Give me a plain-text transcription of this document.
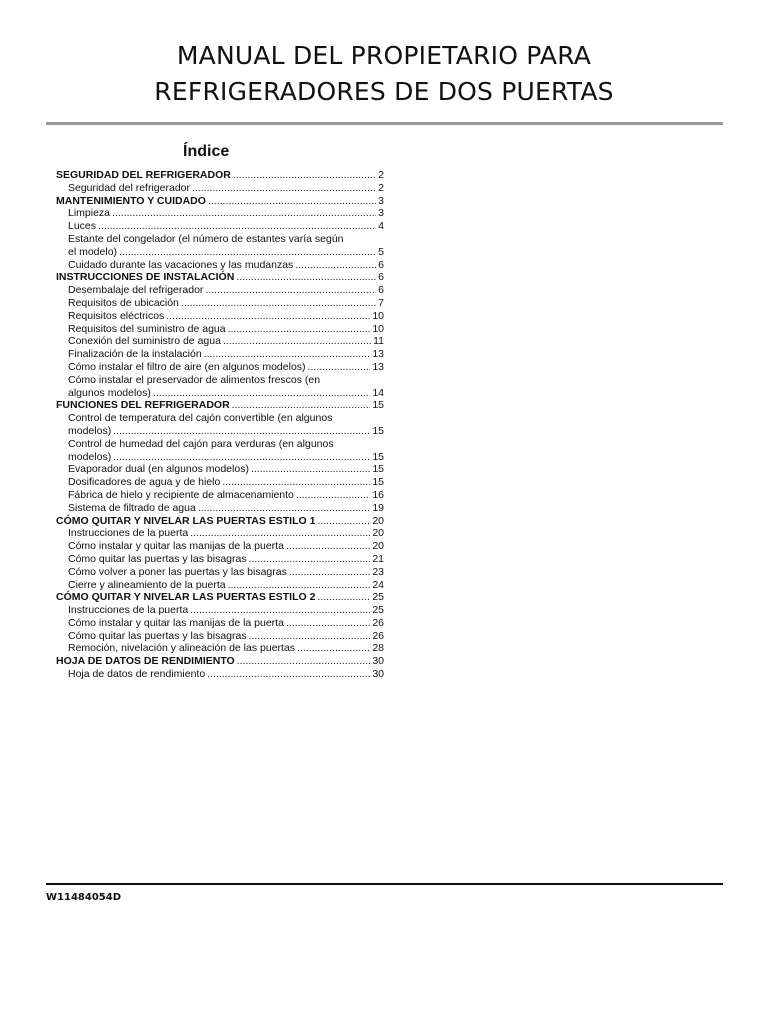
MANUAL DEL PROPIETARIO PARA
REFRIGERADORES DE DOS PUERTAS
Índice
SEGURIDAD DEL REFRIGERADOR .....	2
Seguridad del refrigerador .....	2
MANTENIMIENTO Y CUIDADO .....	3
Limpieza .....	3
Luces .....	4
Estante del congelador (el número de estantes varía según
el modelo) .....	5
Cuidado durante las vacaciones y las mudanzas .....	6
INSTRUCCIONES DE INSTALACIÓN .....	6
Desembalaje del refrigerador .....	6
Requisitos de ubicación .....	7
Requisitos eléctricos .....	10
Requisitos del suministro de agua .....	10
Conexión del suministro de agua .....	11
Finalización de la instalación .....	13
Cómo instalar el filtro de aire (en algunos modelos) .....	13
Cómo instalar el preservador de alimentos frescos (en
algunos modelos) .....	14
FUNCIONES DEL REFRIGERADOR .....	15
Control de temperatura del cajón convertible (en algunos
modelos) .....	15
Control de humedad del cajón para verduras (en algunos
modelos) .....	15
Evaporador dual (en algunos modelos) .....	15
Dosificadores de agua y de hielo .....	15
Fábrica de hielo y recipiente de almacenamiento .....	16
Sistema de filtrado de agua .....	19
CÓMO QUITAR Y NIVELAR LAS PUERTAS ESTILO 1 .....	20
Instrucciones de la puerta .....	20
Cómo instalar y quitar las manijas de la puerta .....	20
Cómo quitar las puertas y las bisagras .....	21
Cómo volver a poner las puertas y las bisagras .....	23
Cierre y alineamiento de la puerta .....	24
CÓMO QUITAR Y NIVELAR LAS PUERTAS ESTILO 2 .....	25
Instrucciones de la puerta .....	25
Cómo instalar y quitar las manijas de la puerta .....	26
Cómo quitar las puertas y las bisagras .....	26
Remoción, nivelación y alineación de las puertas .....	28
HOJA DE DATOS DE RENDIMIENTO .....	30
Hoja de datos de rendimiento .....	30
W11484054D
